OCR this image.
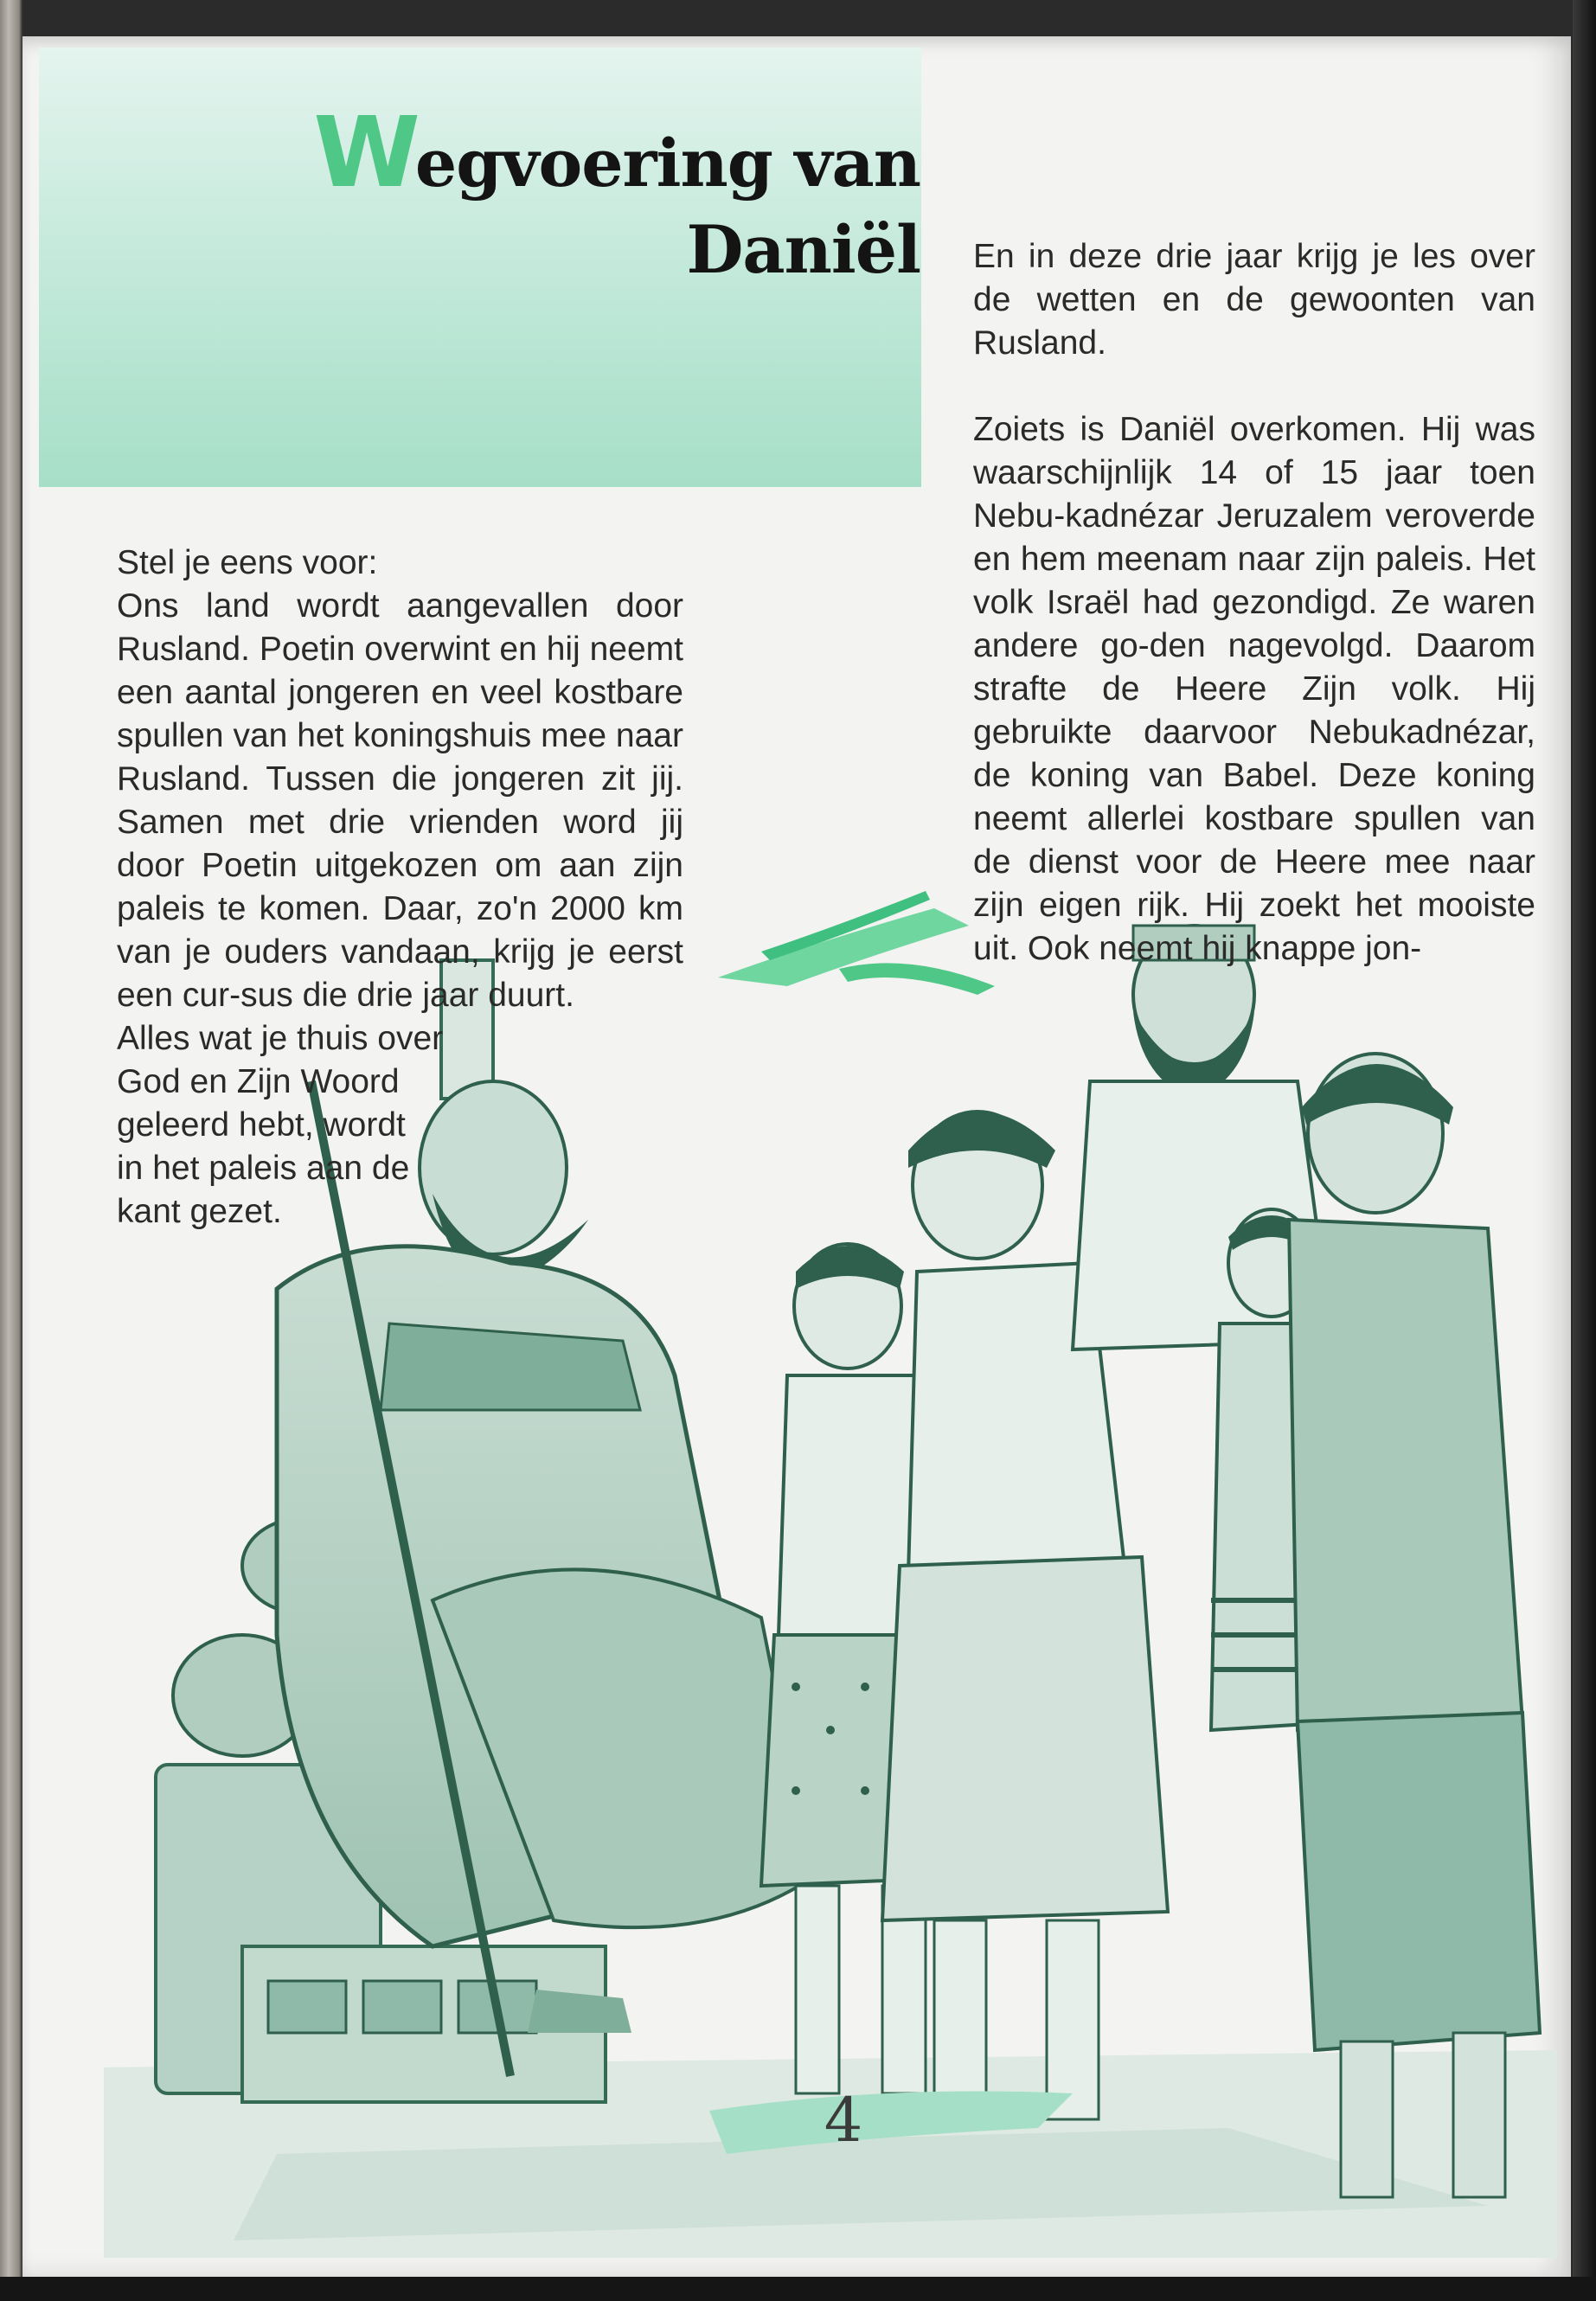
Wegvoering van
Daniël

Stel je eens voor:

Ons land wordt aangevallen door Rusland. Poetin overwint en hij neemt een aantal jongeren en veel kostbare spullen van het koningshuis mee naar Rusland. Tussen die jongeren zit jij. Samen met drie vrienden word jij door Poetin uitgekozen om aan zijn paleis te komen. Daar, zo'n 2000 km van je ouders vandaan, krijg je eerst een cur-sus die drie jaar duurt.

Alles wat je thuis over

God en Zijn Woord

geleerd hebt, wordt

in het paleis aan de

kant gezet.

En in deze drie jaar krijg je les over de wetten en de gewoonten van Rusland.

Zoiets is Daniël overkomen. Hij was waarschijnlijk 14 of 15 jaar toen Nebu-kadnézar Jeruzalem veroverde en hem meenam naar zijn paleis. Het volk Israël had gezondigd. Ze waren andere go-den nagevolgd. Daarom strafte de Heere Zijn volk. Hij gebruikte daarvoor Nebukadnézar, de koning van Babel. Deze koning neemt allerlei kostbare spullen van de dienst voor de Heere mee naar zijn eigen rijk. Hij zoekt het mooiste uit. Ook neemt hij knappe jon-

4
